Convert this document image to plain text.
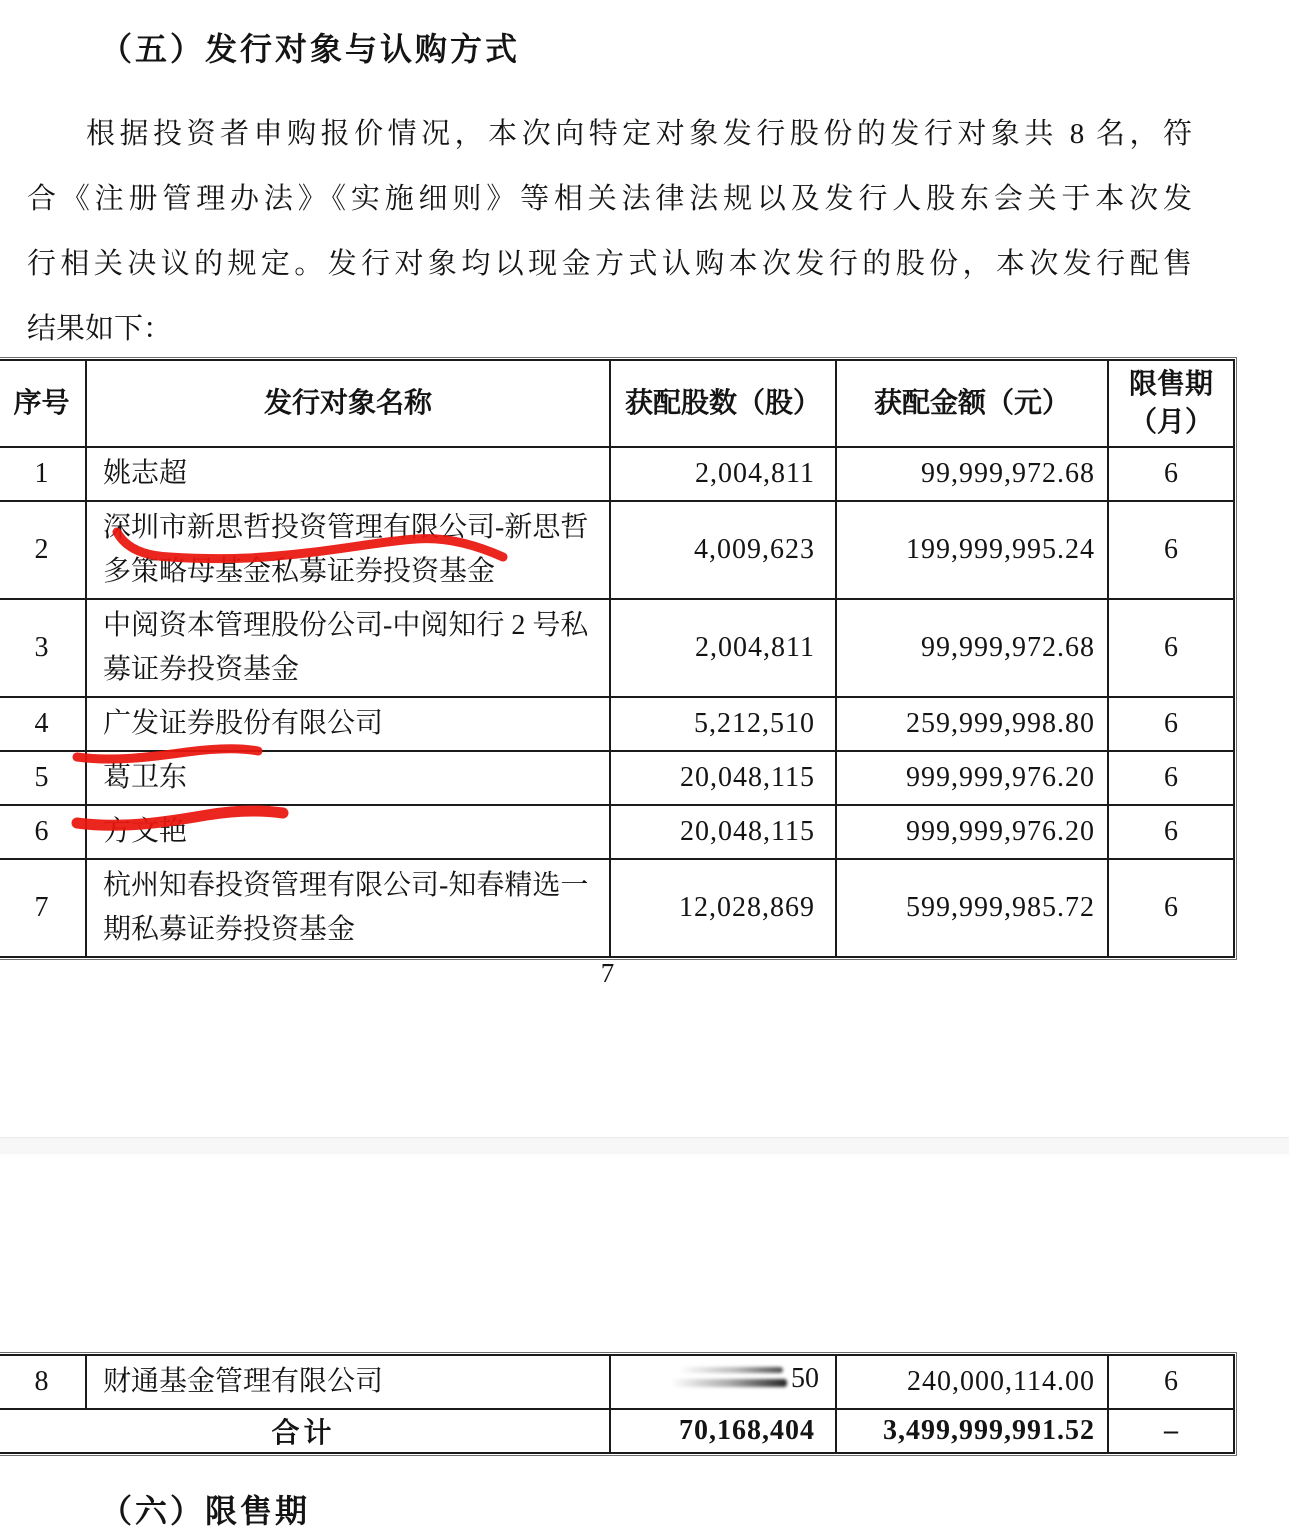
（五）发行对象与认购方式
根据投资者申购报价情况，本次向特定对象发行股份的发行对象共 8 名，符
合《注册管理办法》《实施细则》等相关法律法规以及发行人股东会关于本次发
行相关决议的规定。发行对象均以现金方式认购本次发行的股份，本次发行配售
结果如下：
序号	发行对象名称	获配股数（股）	获配金额（元）	限售期
（月）

1	姚志超	2,004,811	99,999,972.68	6
2	深圳市新思哲投资管理有限公司-新思哲多策略母基金私募证券投资基金	4,009,623	199,999,995.24	6
3	中阅资本管理股份公司-中阅知行 2 号私募证券投资基金	2,004,811	99,999,972.68	6
4	广发证券股份有限公司	5,212,510	259,999,998.80	6
5	葛卫东	20,048,115	999,999,976.20	6
6	方文艳	20,048,115	999,999,976.20	6
7	杭州知春投资管理有限公司-知春精选一期私募证券投资基金	12,028,869	599,999,985.72	6
7
8	财通基金管理有限公司	50	240,000,114.00	6
合计		70,168,404	3,499,999,991.52	–
（六）限售期
